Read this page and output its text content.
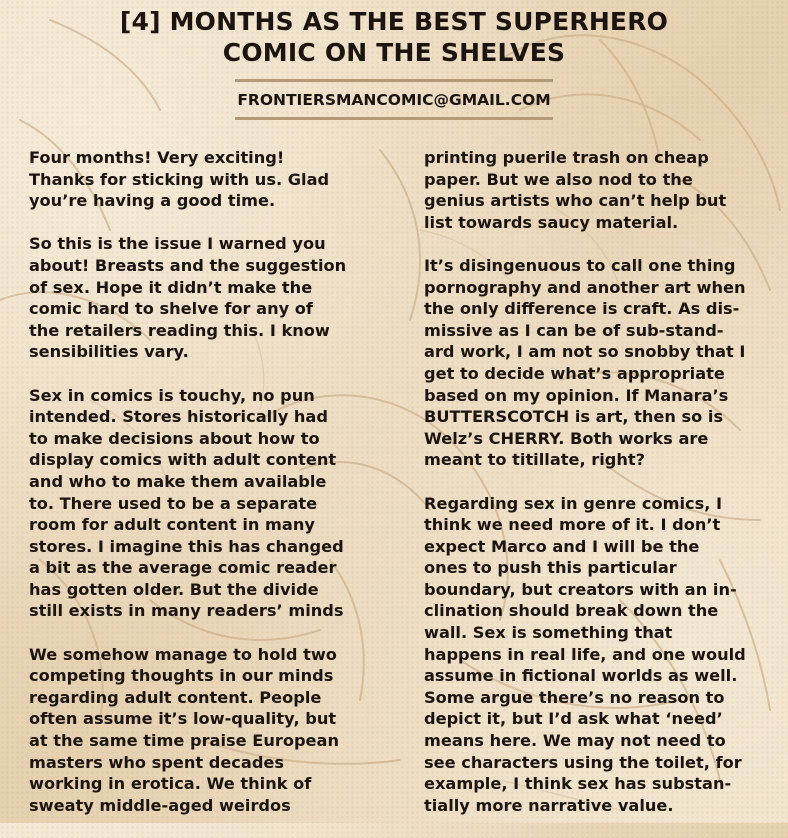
[4] MONTHS AS THE BEST SUPERHERO
COMIC ON THE SHELVES
FRONTIERSMANCOMIC@GMAIL.COM

Four months! Very exciting!
Thanks for sticking with us. Glad
you’re having a good time.

So this is the issue I warned you
about! Breasts and the suggestion
of sex. Hope it didn’t make the
comic hard to shelve for any of
the retailers reading this. I know
sensibilities vary.

Sex in comics is touchy, no pun
intended. Stores historically had
to make decisions about how to
display comics with adult content
and who to make them available
to. There used to be a separate
room for adult content in many
stores. I imagine this has changed
a bit as the average comic reader
has gotten older. But the divide
still exists in many readers’ minds

We somehow manage to hold two
competing thoughts in our minds
regarding adult content. People
often assume it’s low-quality, but
at the same time praise European
masters who spent decades
working in erotica. We think of
sweaty middle-aged weirdos

printing puerile trash on cheap
paper. But we also nod to the
genius artists who can’t help but
list towards saucy material.

It’s disingenuous to call one thing
pornography and another art when
the only difference is craft. As dis-
missive as I can be of sub-stand-
ard work, I am not so snobby that I
get to decide what’s appropriate
based on my opinion. If Manara’s
BUTTERSCOTCH is art, then so is
Welz’s CHERRY. Both works are
meant to titillate, right?

Regarding sex in genre comics, I
think we need more of it. I don’t
expect Marco and I will be the
ones to push this particular
boundary, but creators with an in-
clination should break down the
wall. Sex is something that
happens in real life, and one would
assume in fictional worlds as well.
Some argue there’s no reason to
depict it, but I’d ask what ‘need’
means here. We may not need to
see characters using the toilet, for
example, I think sex has substan-
tially more narrative value.
